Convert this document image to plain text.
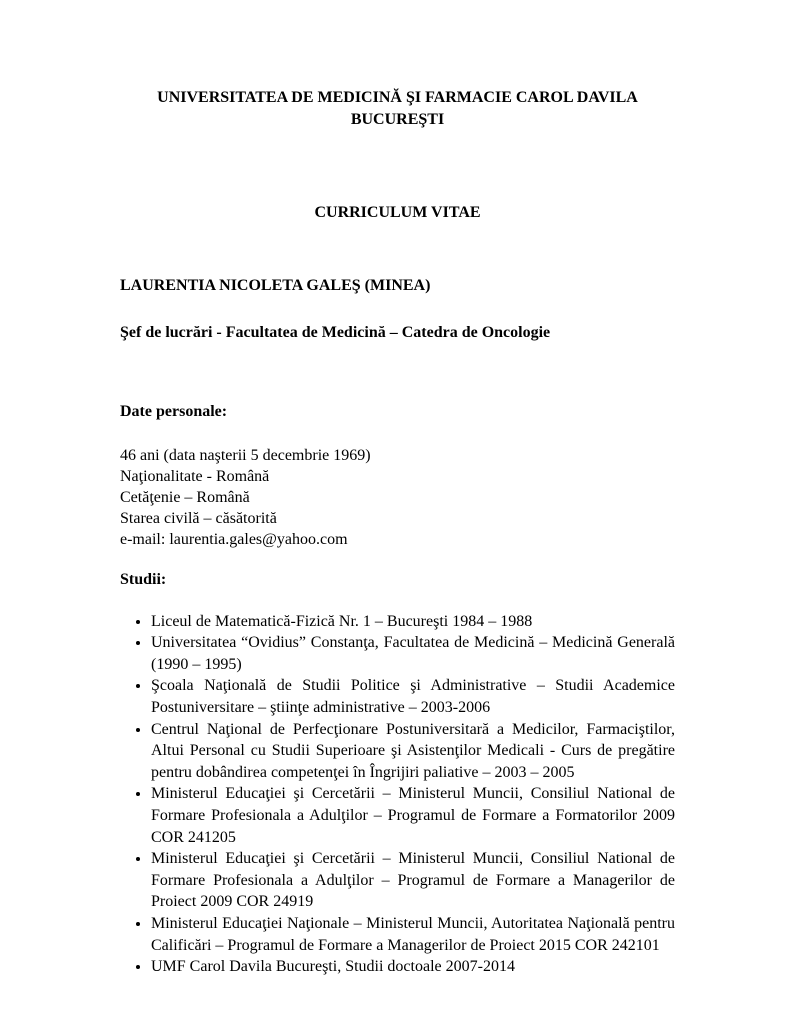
UNIVERSITATEA DE MEDICINĂ ŞI FARMACIE CAROL DAVILA
BUCUREŞTI
CURRICULUM VITAE
LAURENTIA NICOLETA GALEŞ (MINEA)
Şef de lucrări - Facultatea de Medicină – Catedra de Oncologie
Date personale:
46 ani (data naşterii 5 decembrie 1969)
Naţionalitate - Română
Cetăţenie – Română
Starea civilă – căsătorită
e-mail: laurentia.gales@yahoo.com
Studii:
• Liceul de Matematică-Fizică Nr. 1 – Bucureşti 1984 – 1988
• Universitatea “Ovidius” Constanţa, Facultatea de Medicină – Medicină Generală (1990 – 1995)
• Şcoala Naţională de Studii Politice şi Administrative – Studii Academice Postuniversitare – ştiinţe administrative – 2003-2006
• Centrul Naţional de Perfecţionare Postuniversitară a Medicilor, Farmaciştilor, Altui Personal cu Studii Superioare şi Asistenţilor Medicali - Curs de pregătire pentru dobândirea competenţei în Îngrijiri paliative – 2003 – 2005
• Ministerul Educaţiei şi Cercetării – Ministerul Muncii, Consiliul National de Formare Profesionala a Adulţilor – Programul de Formare a Formatorilor 2009 COR 241205
• Ministerul Educaţiei şi Cercetării – Ministerul Muncii, Consiliul National de Formare Profesionala a Adulţilor – Programul de Formare a Managerilor de Proiect 2009 COR 24919
• Ministerul Educaţiei Naţionale – Ministerul Muncii, Autoritatea Naţională pentru Calificări – Programul de Formare a Managerilor de Proiect 2015 COR 242101
• UMF Carol Davila Bucureşti, Studii doctoale 2007-2014
